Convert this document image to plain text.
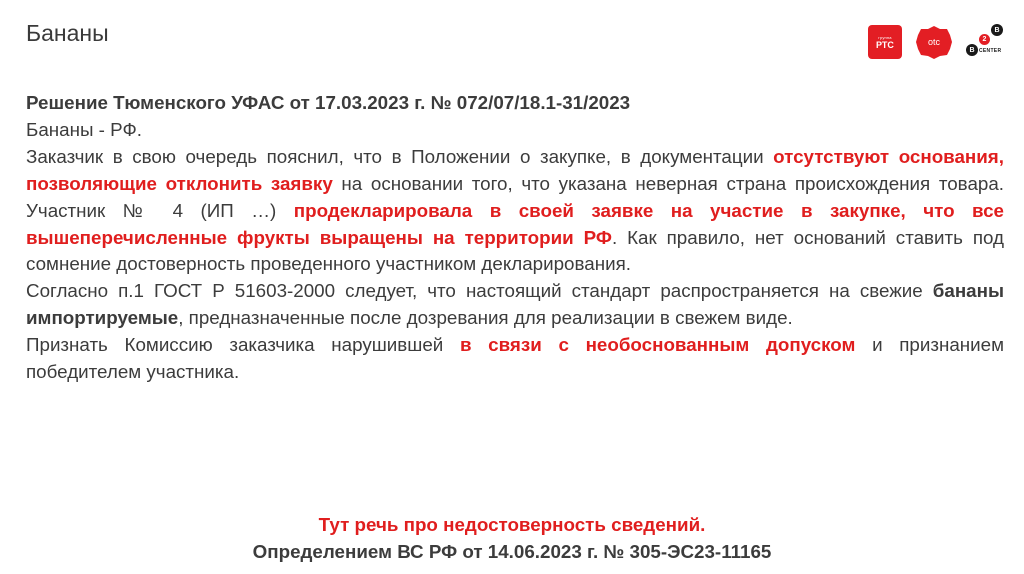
Бананы	группа
РТС	otc
B
2
B
CENTER

Решение Тюменского УФАС от 17.03.2023 г. № 072/07/18.1-31/2023

Бананы - РФ.

Заказчик в свою очередь пояснил, что в Положении о закупке, в документации отсутствуют основания, позволяющие отклонить заявку на основании того, что указана неверная страна происхождения товара. Участник № 4 (ИП …) продекларировала в своей заявке на участие в закупке, что все вышеперечисленные фрукты выращены на территории РФ. Как правило, нет оснований ставить под сомнение достоверность проведенного участником декларирования.

Согласно п.1 ГОСТ Р 51603-2000 следует, что настоящий стандарт распространяется на свежие бананы импортируемые, предназначенные после дозревания для реализации в свежем виде.

Признать Комиссию заказчика нарушившей в связи с необоснованным допуском и признанием победителем участника.

Тут речь про недостоверность сведений.
Определением ВС РФ от 14.06.2023 г. № 305-ЭС23-11165
